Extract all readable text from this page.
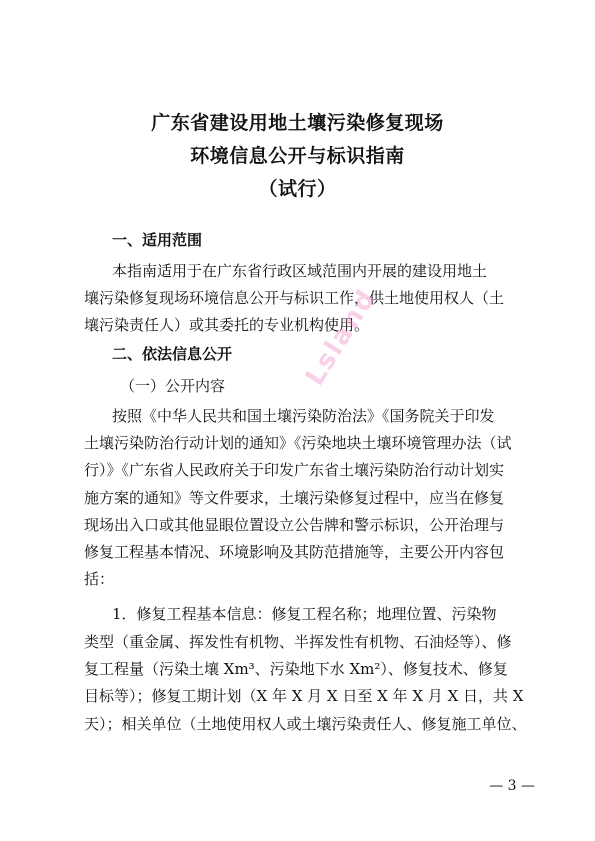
广东省建设用地土壤污染修复现场
环境信息公开与标识指南
（试行）
一、适用范围
本指南适用于在广东省行政区域范围内开展的建设用地土
壤污染修复现场环境信息公开与标识工作，供土地使用权人（土
壤污染责任人）或其委托的专业机构使用。
二、依法信息公开
（一）公开内容
按照《中华人民共和国土壤污染防治法》《国务院关于印发
土壤污染防治行动计划的通知》《污染地块土壤环境管理办法（试
行）》《广东省人民政府关于印发广东省土壤污染防治行动计划实
施方案的通知》等文件要求，土壤污染修复过程中，应当在修复
现场出入口或其他显眼位置设立公告牌和警示标识，公开治理与
修复工程基本情况、环境影响及其防范措施等，主要公开内容包
括：
1．修复工程基本信息：修复工程名称；地理位置、污染物
类型（重金属、挥发性有机物、半挥发性有机物、石油烃等）、修
复工程量（污染土壤 Xm³、污染地下水 Xm²）、修复技术、修复
目标等）；修复工期计划（X 年 X 月 X 日至 X 年 X 月 X 日，共 X
天）；相关单位（土地使用权人或土壤污染责任人、修复施工单位、
— 3 —
Lsland
